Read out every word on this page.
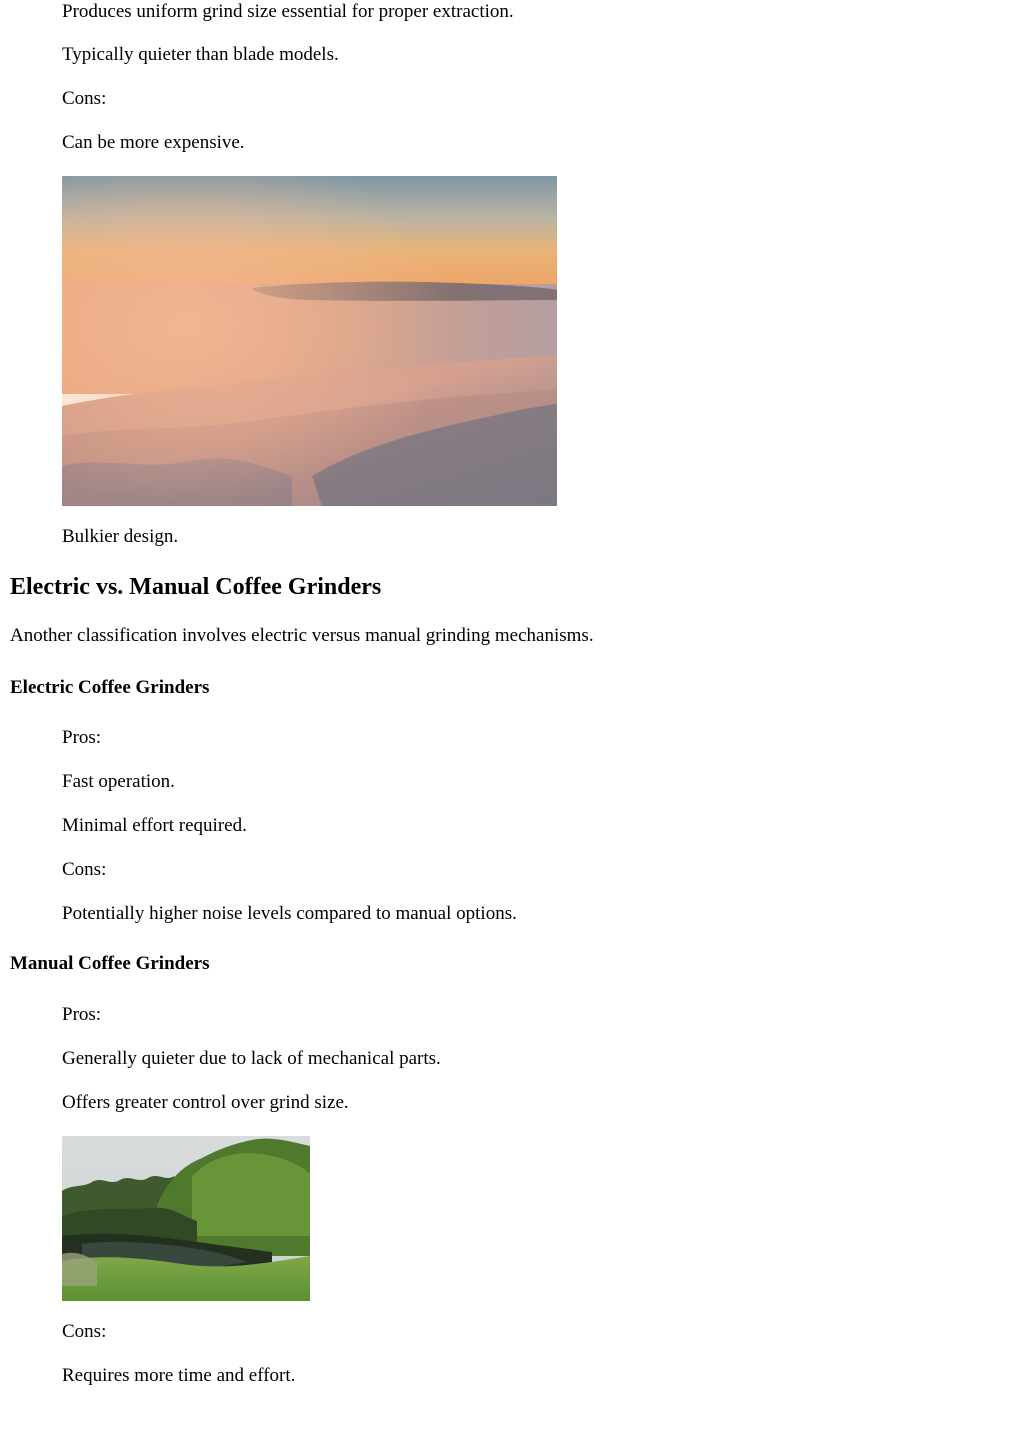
Produces uniform grind size essential for proper extraction.
Typically quieter than blade models.
Cons:
Can be more expensive.
Bulkier design.
Electric vs. Manual Coffee Grinders
Another classification involves electric versus manual grinding mechanisms.
Electric Coffee Grinders
Pros:
Fast operation.
Minimal effort required.
Cons:
Potentially higher noise levels compared to manual options.
Manual Coffee Grinders
Pros:
Generally quieter due to lack of mechanical parts.
Offers greater control over grind size.
Cons:
Requires more time and effort.
